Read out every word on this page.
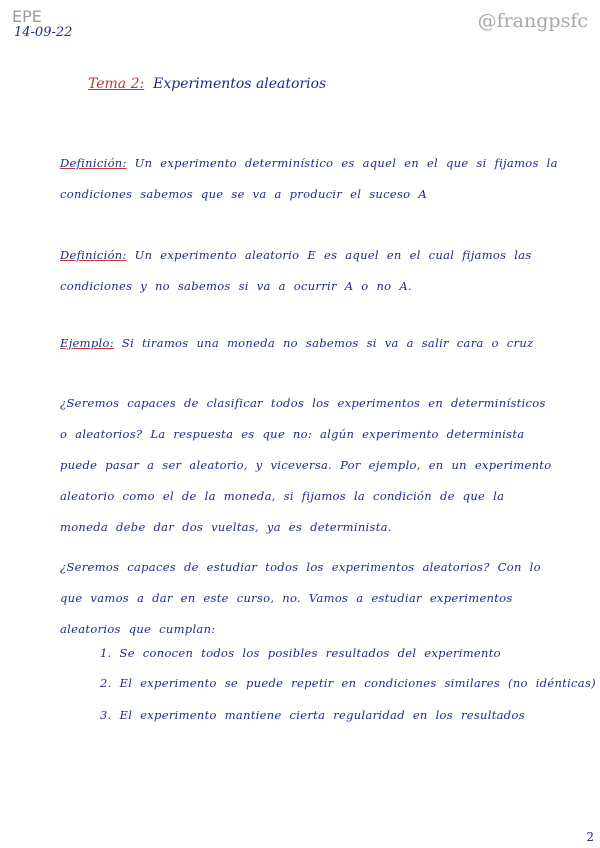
EPE
14-09-22
@frangpsfc
Tema 2: Experimentos aleatorios
Definición: Un experimento determinístico es aquel en el que si fijamos la condiciones sabemos que se va a producir el suceso A
Definición: Un experimento aleatorio E es aquel en el cual fijamos las condiciones y no sabemos si va a ocurrir A o no A.
Ejemplo: Si tiramos una moneda no sabemos si va a salir cara o cruz
¿Seremos capaces de clasificar todos los experimentos en determinísticos o aleatorios? La respuesta es que no: algún experimento determinista puede pasar a ser aleatorio, y viceversa. Por ejemplo, en un experimento aleatorio como el de la moneda, si fijamos la condición de que la moneda debe dar dos vueltas, ya es determinista.
¿Seremos capaces de estudiar todos los experimentos aleatorios? Con lo que vamos a dar en este curso, no. Vamos a estudiar experimentos aleatorios que cumplan:
1. Se conocen todos los posibles resultados del experimento
2. El experimento se puede repetir en condiciones similares (no idénticas)
3. El experimento mantiene cierta regularidad en los resultados
2
